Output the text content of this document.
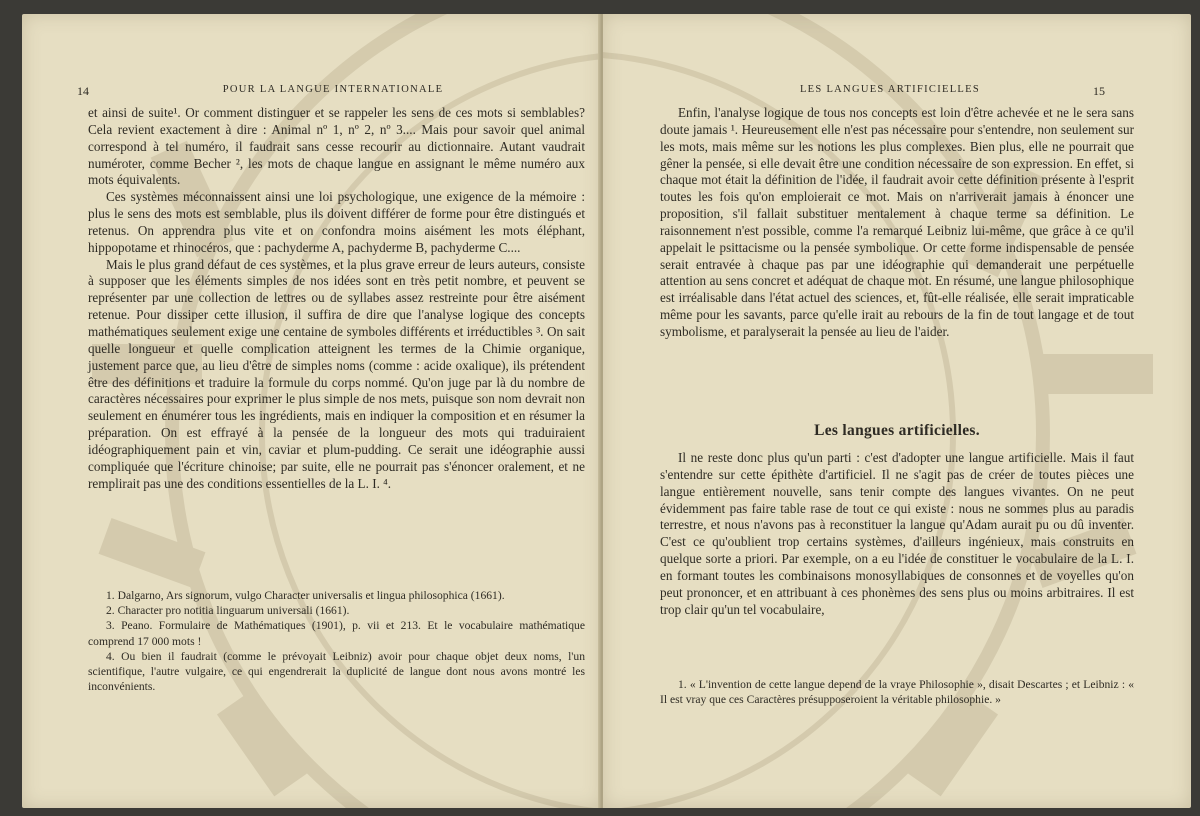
14	POUR LA LANGUE INTERNATIONALE

et ainsi de suite¹. Or comment distinguer et se rappeler les sens de ces mots si semblables? Cela revient exactement à dire : Animal nº 1, nº 2, nº 3.... Mais pour savoir quel animal correspond à tel numéro, il faudrait sans cesse recourir au dictionnaire. Autant vaudrait numéroter, comme Becher ², les mots de chaque langue en assignant le même numéro aux mots équivalents.

Ces systèmes méconnaissent ainsi une loi psychologique, une exigence de la mémoire : plus le sens des mots est semblable, plus ils doivent différer de forme pour être distingués et retenus. On apprendra plus vite et on confondra moins aisément les mots éléphant, hippopotame et rhinocéros, que : pachyderme A, pachyderme B, pachyderme C....

Mais le plus grand défaut de ces systèmes, et la plus grave erreur de leurs auteurs, consiste à supposer que les éléments simples de nos idées sont en très petit nombre, et peuvent se représenter par une collection de lettres ou de syllabes assez restreinte pour être aisément retenue. Pour dissiper cette illusion, il suffira de dire que l'analyse logique des concepts mathématiques seulement exige une centaine de symboles différents et irréductibles ³. On sait quelle longueur et quelle complication atteignent les termes de la Chimie organique, justement parce que, au lieu d'être de simples noms (comme : acide oxalique), ils prétendent être des définitions et traduire la formule du corps nommé. Qu'on juge par là du nombre de caractères nécessaires pour exprimer le plus simple de nos mets, puisque son nom devrait non seulement en énumérer tous les ingrédients, mais en indiquer la composition et en résumer la préparation. On est effrayé à la pensée de la longueur des mots qui traduiraient idéographiquement pain et vin, caviar et plum-pudding. Ce serait une idéographie aussi compliquée que l'écriture chinoise; par suite, elle ne pourrait pas s'énoncer oralement, et ne remplirait pas une des conditions essentielles de la L. I. ⁴.

1. Dalgarno, Ars signorum, vulgo Character universalis et lingua philosophica (1661).

2. Character pro notitia linguarum universali (1661).

3. Peano. Formulaire de Mathématiques (1901), p. vii et 213. Et le vocabulaire mathématique comprend 17 000 mots !

4. Ou bien il faudrait (comme le prévoyait Leibniz) avoir pour chaque objet deux noms, l'un scientifique, l'autre vulgaire, ce qui engendrerait la duplicité de langue dont nous avons montré les inconvénients.

LES LANGUES ARTIFICIELLES	15

Enfin, l'analyse logique de tous nos concepts est loin d'être achevée et ne le sera sans doute jamais ¹. Heureusement elle n'est pas nécessaire pour s'entendre, non seulement sur les mots, mais même sur les notions les plus complexes. Bien plus, elle ne pourrait que gêner la pensée, si elle devait être une condition nécessaire de son expression. En effet, si chaque mot était la définition de l'idée, il faudrait avoir cette définition présente à l'esprit toutes les fois qu'on emploierait ce mot. Mais on n'arriverait jamais à énoncer une proposition, s'il fallait substituer mentalement à chaque terme sa définition. Le raisonnement n'est possible, comme l'a remarqué Leibniz lui-même, que grâce à ce qu'il appelait le psittacisme ou la pensée symbolique. Or cette forme indispensable de pensée serait entravée à chaque pas par une idéographie qui demanderait une perpétuelle attention au sens concret et adéquat de chaque mot. En résumé, une langue philosophique est irréalisable dans l'état actuel des sciences, et, fût-elle réalisée, elle serait impraticable même pour les savants, parce qu'elle irait au rebours de la fin de tout langage et de tout symbolisme, et paralyserait la pensée au lieu de l'aider.

Les langues artificielles.

Il ne reste donc plus qu'un parti : c'est d'adopter une langue artificielle. Mais il faut s'entendre sur cette épithète d'artificiel. Il ne s'agit pas de créer de toutes pièces une langue entièrement nouvelle, sans tenir compte des langues vivantes. On ne peut évidemment pas faire table rase de tout ce qui existe : nous ne sommes plus au paradis terrestre, et nous n'avons pas à reconstituer la langue qu'Adam aurait pu ou dû inventer. C'est ce qu'oublient trop certains systèmes, d'ailleurs ingénieux, mais construits en quelque sorte a priori. Par exemple, on a eu l'idée de constituer le vocabulaire de la L. I. en formant toutes les combinaisons monosyllabiques de consonnes et de voyelles qu'on peut prononcer, et en attribuant à ces phonèmes des sens plus ou moins arbitraires. Il est trop clair qu'un tel vocabulaire,

1. « L'invention de cette langue depend de la vraye Philosophie », disait Descartes ; et Leibniz : « Il est vray que ces Caractères présupposeroient la véritable philosophie. »
